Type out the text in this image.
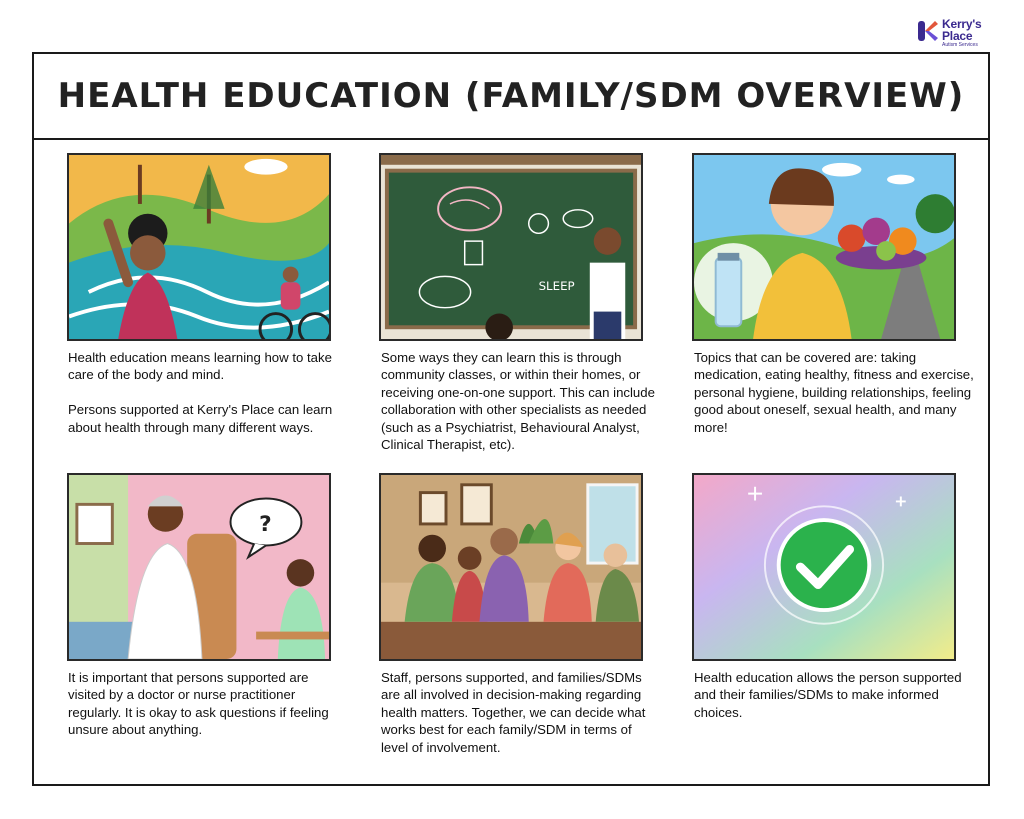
Kerry's
Place
Autism Services
HEALTH EDUCATION (FAMILY/SDM OVERVIEW)
Health education means learning how to take care of the body and mind.

Persons supported at Kerry's Place can learn about health through many different ways.
SLEEP
Some ways they can learn this is through community classes, or within their homes, or receiving one-on-one support. This can include collaboration with other specialists as needed (such as a Psychiatrist, Behavioural Analyst, Clinical Therapist, etc).
Topics that can be covered are: taking medication, eating healthy, fitness and exercise, personal hygiene, building relationships, feeling good about oneself, sexual health, and many more!
?
It is important that persons supported are visited by a doctor or nurse practitioner regularly. It is okay to ask questions if feeling unsure about anything.
Staff, persons supported, and families/SDMs are all involved in decision-making regarding health matters. Together, we can decide what works best for each family/SDM in terms of level of involvement.
Health education allows the person supported and their families/SDMs to make informed choices.
